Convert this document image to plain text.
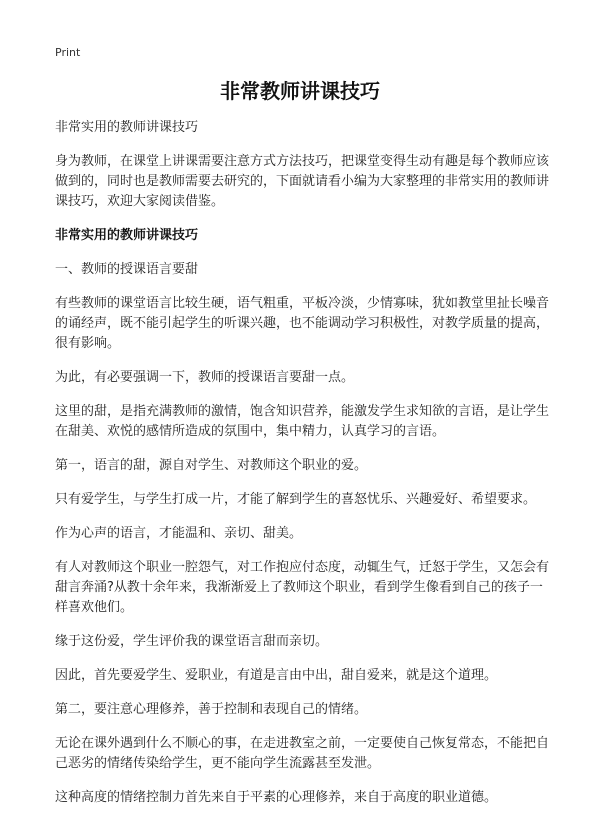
Print
非常教师讲课技巧

非常实用的教师讲课技巧

身为教师，在课堂上讲课需要注意方式方法技巧，把课堂变得生动有趣是每个教师应该做到的，同时也是教师需要去研究的，下面就请看小编为大家整理的非常实用的教师讲课技巧，欢迎大家阅读借鉴。

非常实用的教师讲课技巧

一、教师的授课语言要甜

有些教师的课堂语言比较生硬，语气粗重，平板冷淡，少情寡味，犹如教堂里扯长噪音的诵经声，既不能引起学生的听课兴趣，也不能调动学习积极性，对教学质量的提高，很有影响。

为此，有必要强调一下，教师的授课语言要甜一点。

这里的甜，是指充满教师的激情，饱含知识营养，能激发学生求知欲的言语，是让学生在甜美、欢悦的感情所造成的氛围中，集中精力，认真学习的言语。

第一，语言的甜，源自对学生、对教师这个职业的爱。

只有爱学生，与学生打成一片，才能了解到学生的喜怒忧乐、兴趣爱好、希望要求。

作为心声的语言，才能温和、亲切、甜美。

有人对教师这个职业一腔怨气，对工作抱应付态度，动辄生气，迁怒于学生，又怎会有甜言奔涌?从教十余年来，我渐渐爱上了教师这个职业，看到学生像看到自己的孩子一样喜欢他们。

缘于这份爱，学生评价我的课堂语言甜而亲切。

因此，首先要爱学生、爱职业，有道是言由中出，甜自爱来，就是这个道理。

第二，要注意心理修养，善于控制和表现自己的情绪。

无论在课外遇到什么不顺心的事，在走进教室之前，一定要使自己恢复常态，不能把自己恶劣的情绪传染给学生，更不能向学生流露甚至发泄。

这种高度的情绪控制力首先来自于平素的心理修养，来自于高度的职业道德。
